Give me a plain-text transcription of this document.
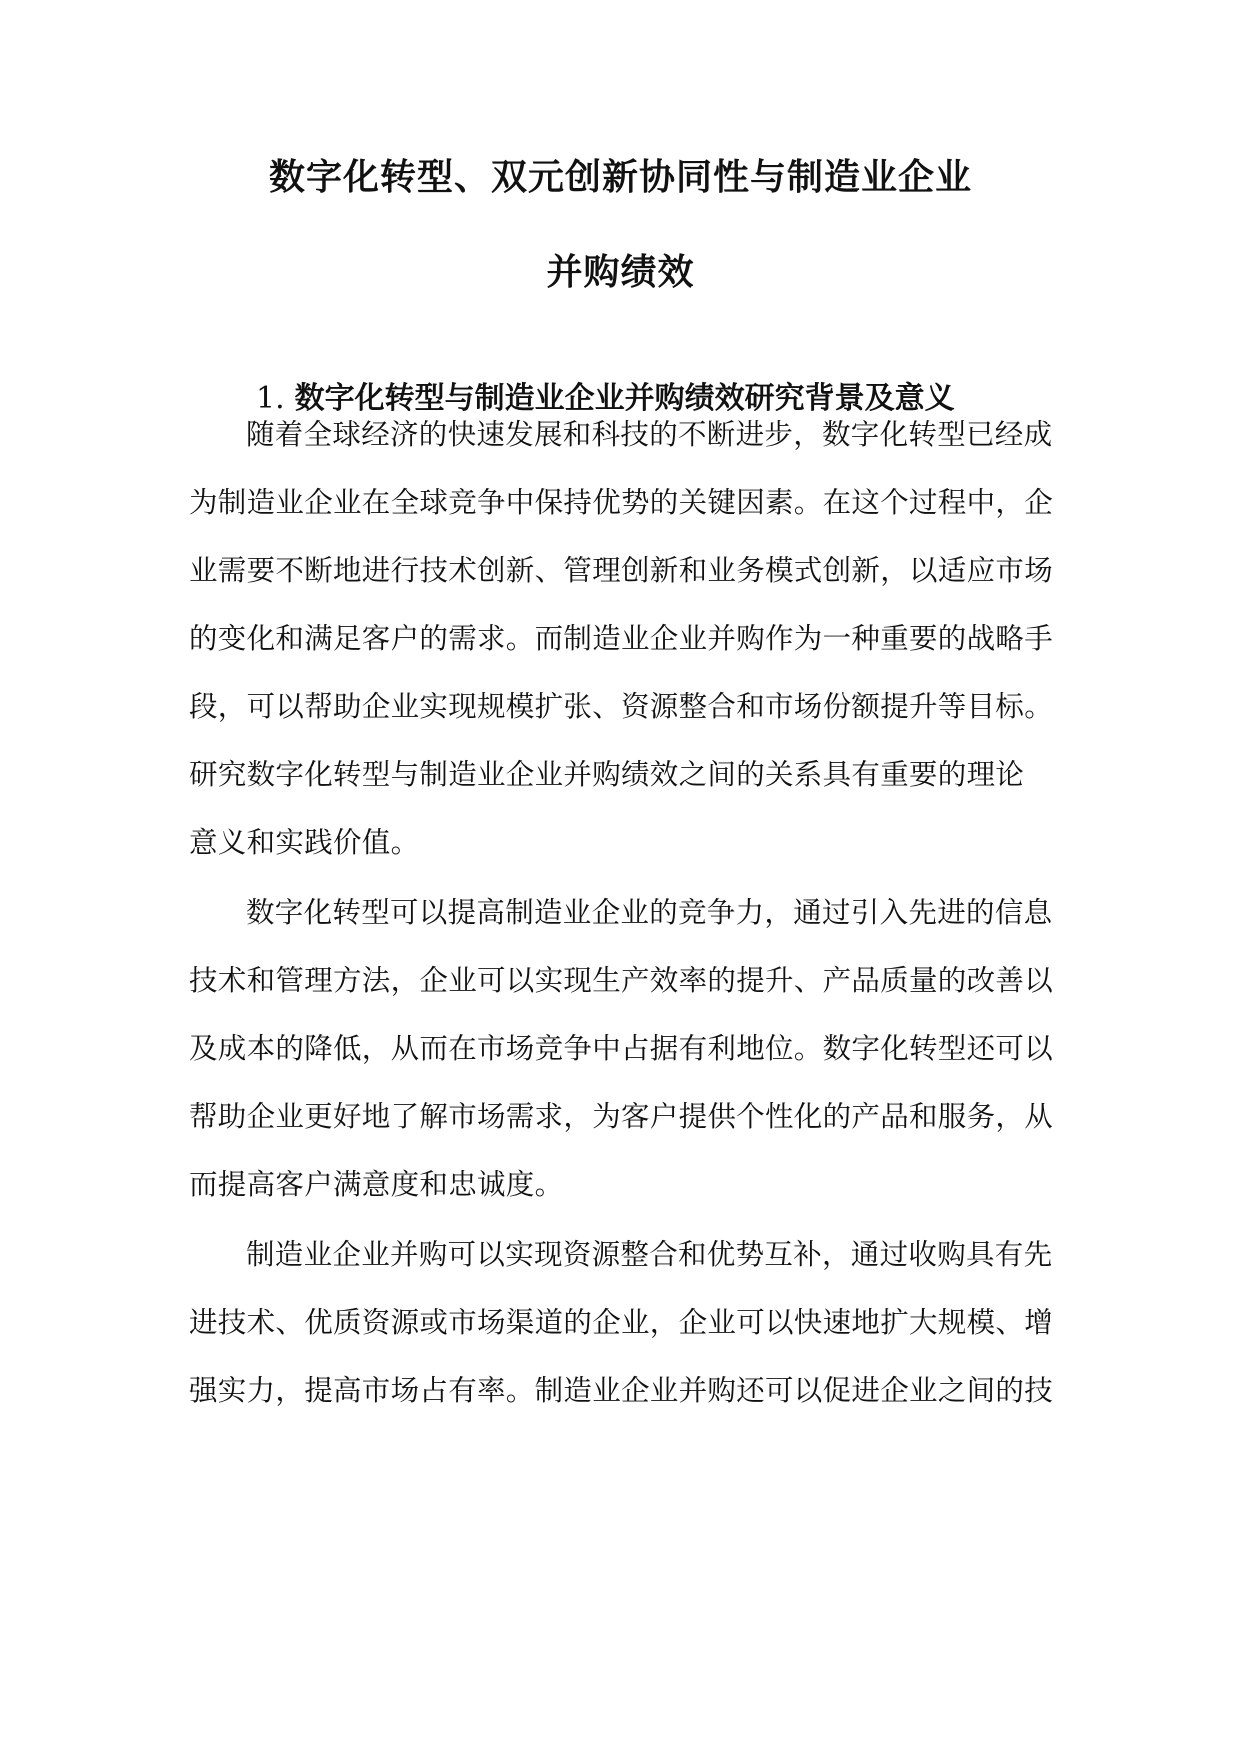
数字化转型、双元创新协同性与制造业企业
并购绩效
1. 数字化转型与制造业企业并购绩效研究背景及意义
随着全球经济的快速发展和科技的不断进步，数字化转型已经成
为制造业企业在全球竞争中保持优势的关键因素。在这个过程中，企
业需要不断地进行技术创新、管理创新和业务模式创新，以适应市场
的变化和满足客户的需求。而制造业企业并购作为一种重要的战略手
段，可以帮助企业实现规模扩张、资源整合和市场份额提升等目标。
研究数字化转型与制造业企业并购绩效之间的关系具有重要的理论
意义和实践价值。
数字化转型可以提高制造业企业的竞争力，通过引入先进的信息
技术和管理方法，企业可以实现生产效率的提升、产品质量的改善以
及成本的降低，从而在市场竞争中占据有利地位。数字化转型还可以
帮助企业更好地了解市场需求，为客户提供个性化的产品和服务，从
而提高客户满意度和忠诚度。
制造业企业并购可以实现资源整合和优势互补，通过收购具有先
进技术、优质资源或市场渠道的企业，企业可以快速地扩大规模、增
强实力，提高市场占有率。制造业企业并购还可以促进企业之间的技
